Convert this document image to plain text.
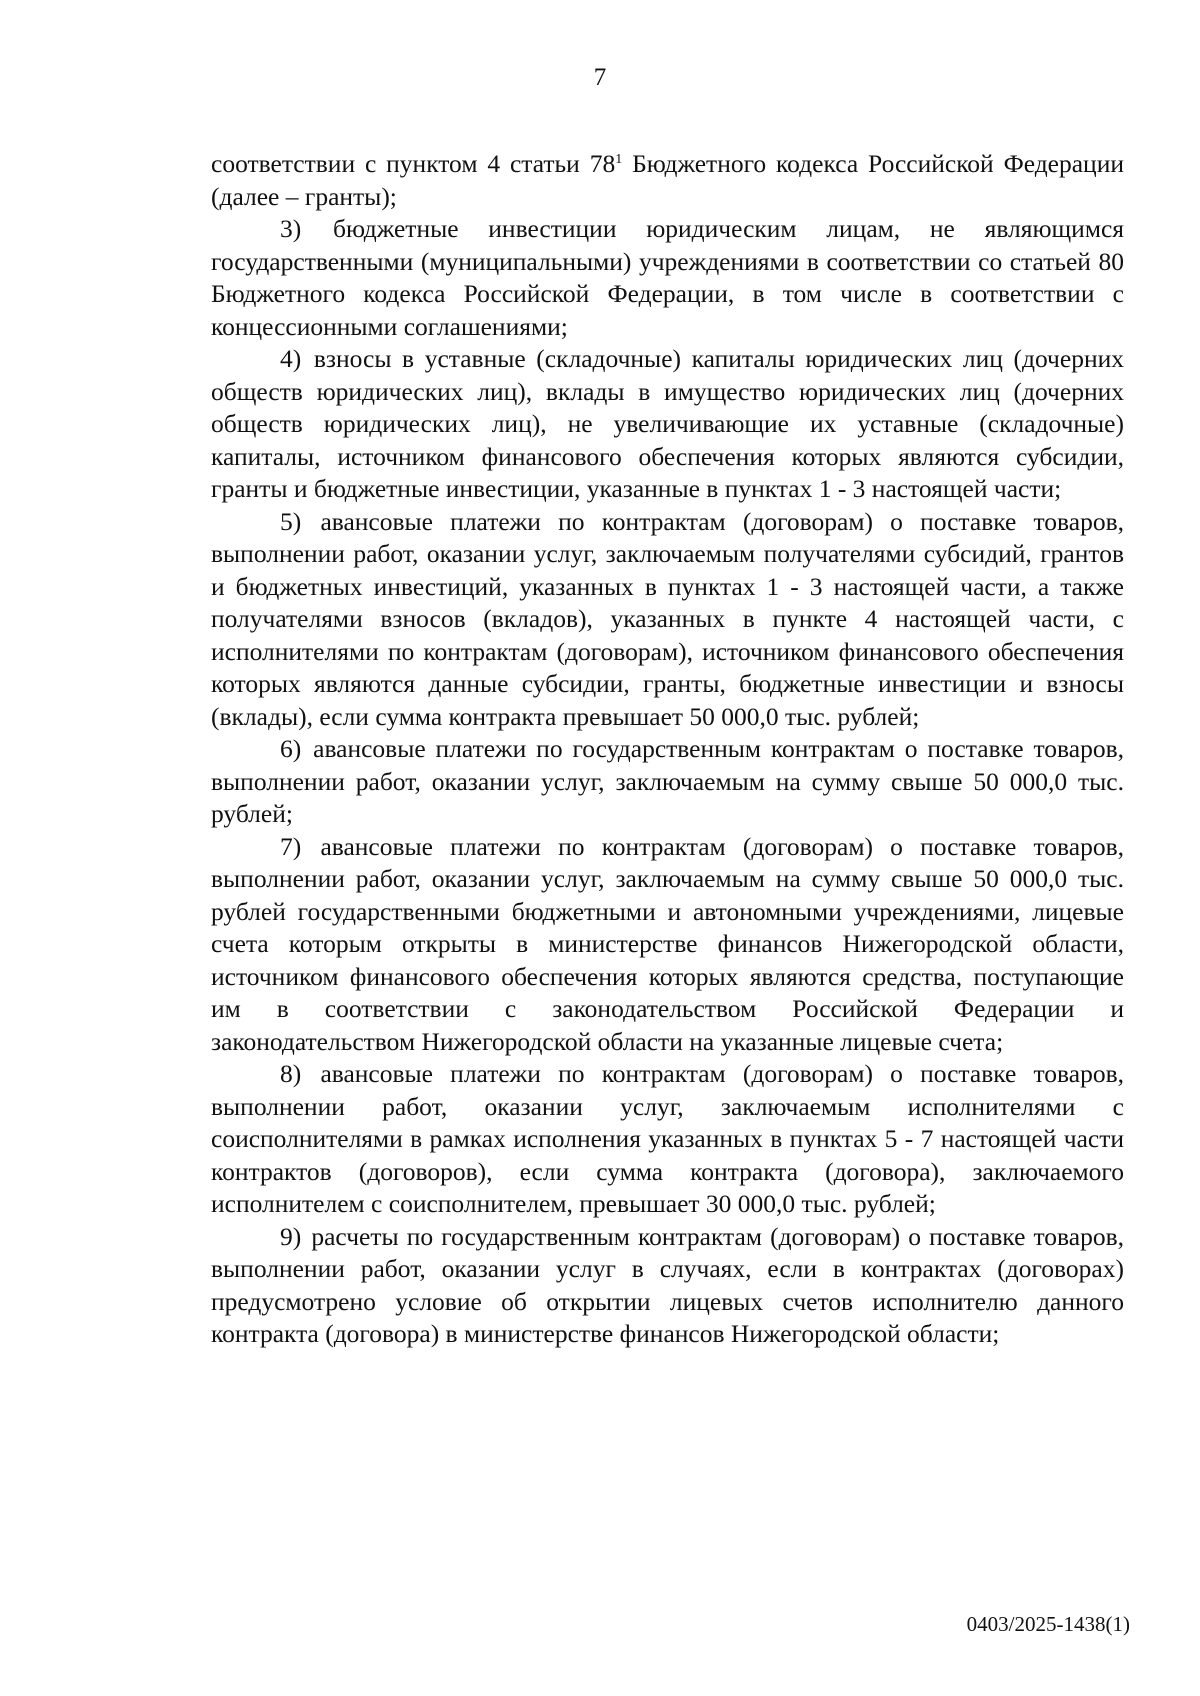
7

соответствии с пунктом 4 статьи $78^1$ Бюджетного кодекса Российской Федерации (далее – гранты);

3) бюджетные инвестиции юридическим лицам, не являющимся государственными (муниципальными) учреждениями в соответствии со статьей 80 Бюджетного кодекса Российской Федерации, в том числе в соответствии с концессионными соглашениями;

4) взносы в уставные (складочные) капиталы юридических лиц (дочерних обществ юридических лиц), вклады в имущество юридических лиц (дочерних обществ юридических лиц), не увеличивающие их уставные (складочные) капиталы, источником финансового обеспечения которых являются субсидии, гранты и бюджетные инвестиции, указанные в пунктах 1 - 3 настоящей части;

5) авансовые платежи по контрактам (договорам) о поставке товаров, выполнении работ, оказании услуг, заключаемым получателями субсидий, грантов и бюджетных инвестиций, указанных в пунктах 1 - 3 настоящей части, а также получателями взносов (вкладов), указанных в пункте 4 настоящей части, с исполнителями по контрактам (договорам), источником финансового обеспечения которых являются данные субсидии, гранты, бюджетные инвестиции и взносы (вклады), если сумма контракта превышает 50 000,0 тыс. рублей;

6) авансовые платежи по государственным контрактам о поставке товаров, выполнении работ, оказании услуг, заключаемым на сумму свыше 50 000,0 тыс. рублей;

7) авансовые платежи по контрактам (договорам) о поставке товаров, выполнении работ, оказании услуг, заключаемым на сумму свыше 50 000,0 тыс. рублей государственными бюджетными и автономными учреждениями, лицевые счета которым открыты в министерстве финансов Нижегородской области, источником финансового обеспечения которых являются средства, поступающие им в соответствии с законодательством Российской Федерации и законодательством Нижегородской области на указанные лицевые счета;

8) авансовые платежи по контрактам (договорам) о поставке товаров, выполнении работ, оказании услуг, заключаемым исполнителями с соисполнителями в рамках исполнения указанных в пунктах 5 - 7 настоящей части контрактов (договоров), если сумма контракта (договора), заключаемого исполнителем с соисполнителем, превышает 30 000,0 тыс. рублей;

9) расчеты по государственным контрактам (договорам) о поставке товаров, выполнении работ, оказании услуг в случаях, если в контрактах (договорах) предусмотрено условие об открытии лицевых счетов исполнителю данного контракта (договора) в министерстве финансов Нижегородской области;

0403/2025-1438(1)
